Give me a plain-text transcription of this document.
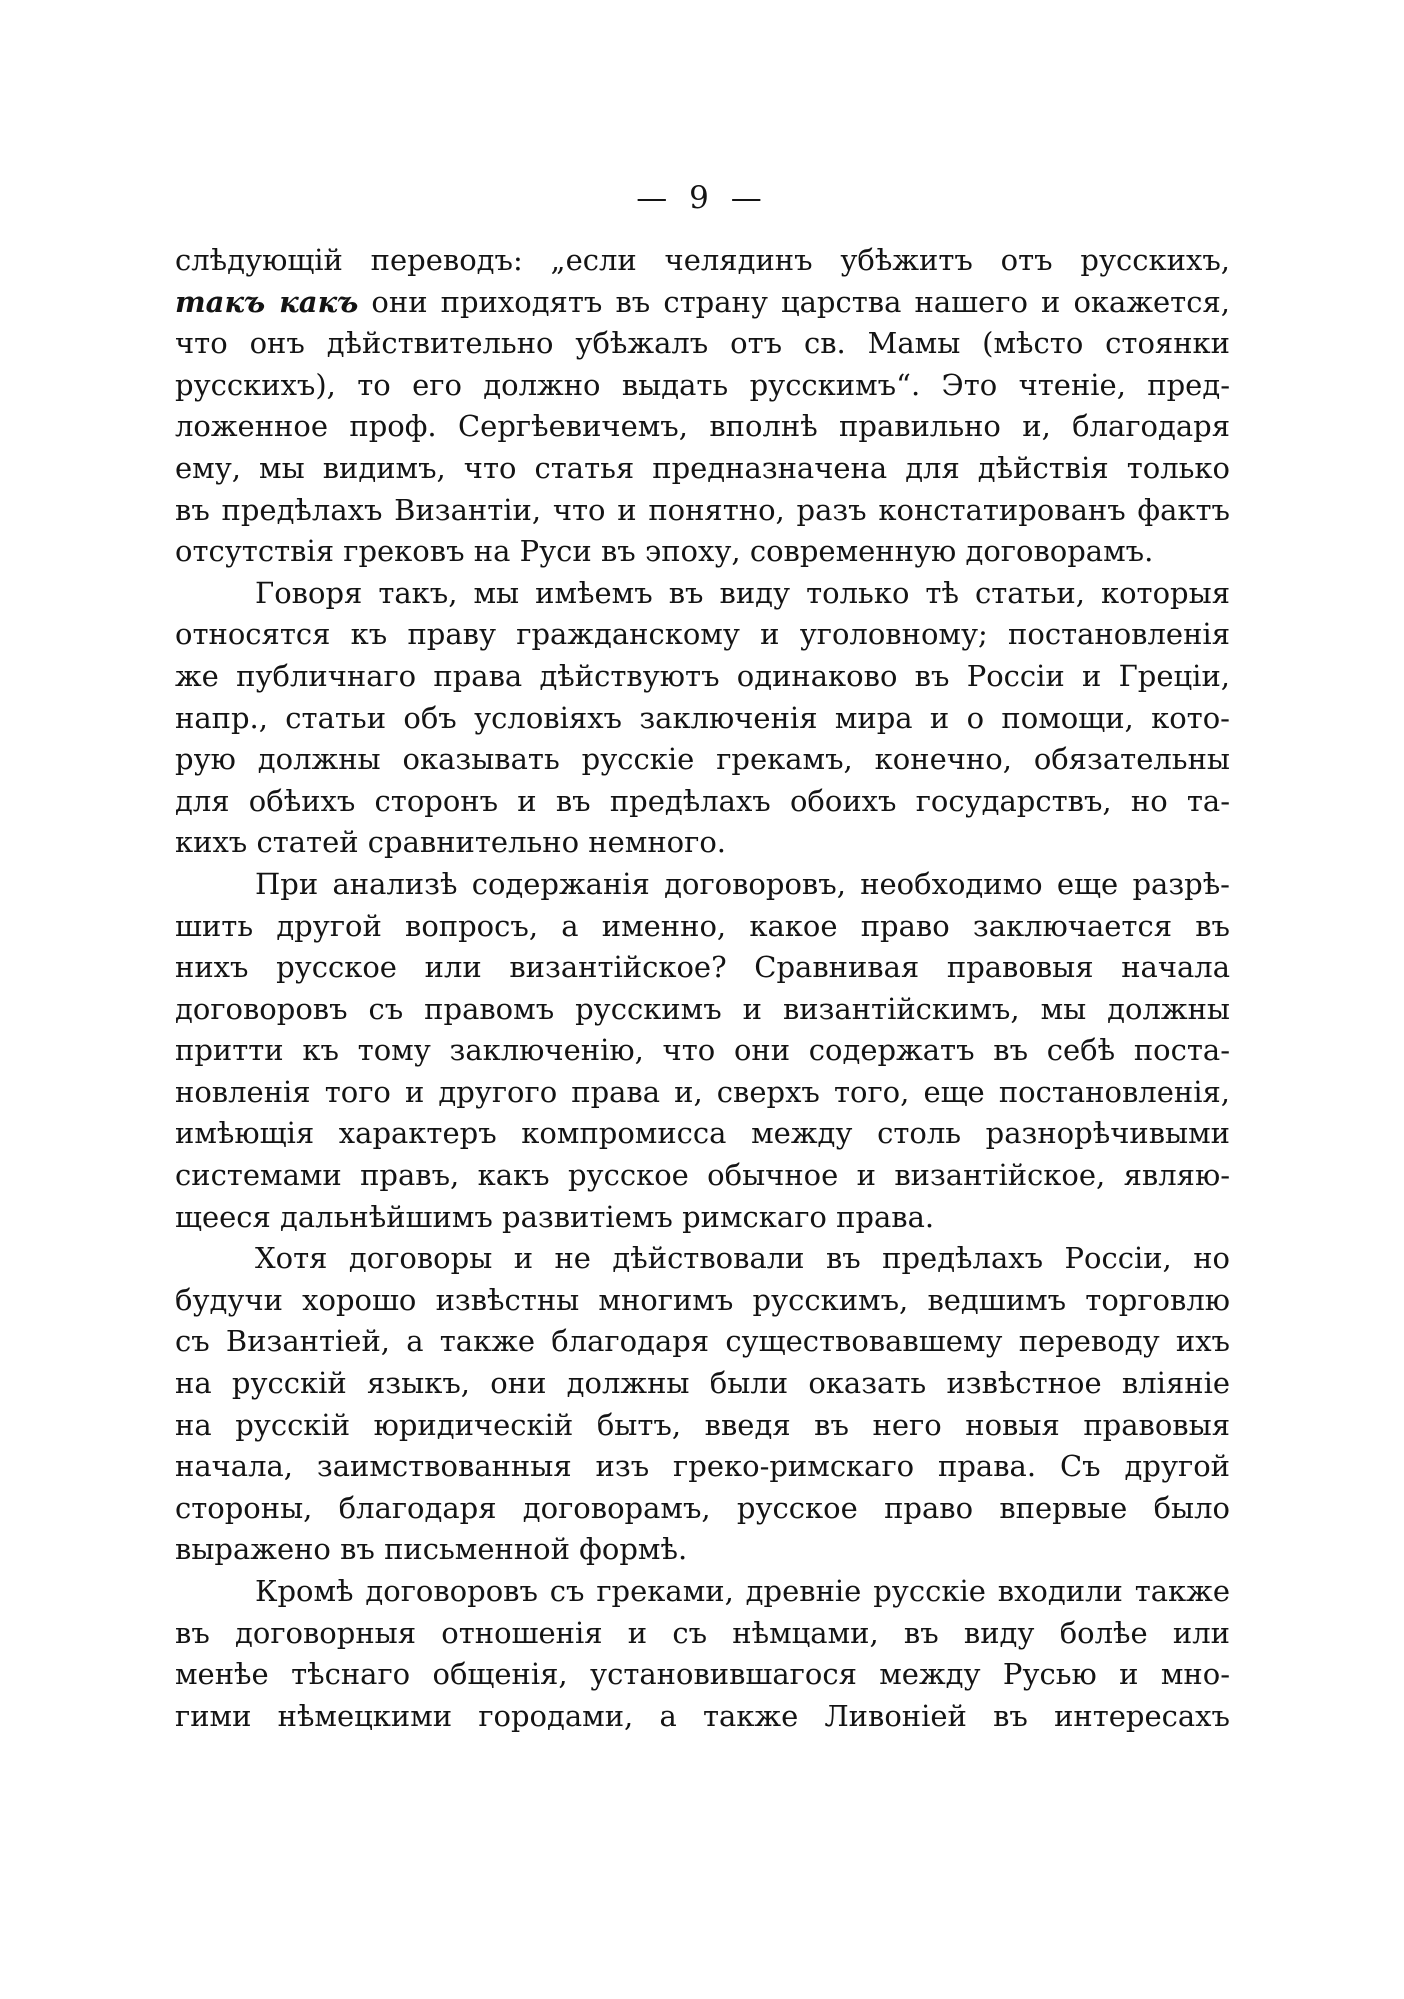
— 9 —

слѣдующій переводъ: „если челядинъ убѣжитъ отъ русскихъ,
такъ какъ они приходятъ въ страну царства нашего и окажется,
что онъ дѣйствительно убѣжалъ отъ св. Мамы (мѣсто стоянки
русскихъ), то его должно выдать русскимъ“. Это чтеніе, пред-
ложенное проф. Сергѣевичемъ, вполнѣ правильно и, благодаря
ему, мы видимъ, что статья предназначена для дѣйствія только
въ предѣлахъ Византіи, что и понятно, разъ констатированъ фактъ
отсутствія грековъ на Руси въ эпоху, современную договорамъ.

Говоря такъ, мы имѣемъ въ виду только тѣ статьи, которыя
относятся къ праву гражданскому и уголовному; постановленія
же публичнаго права дѣйствуютъ одинаково въ Россіи и Греціи,
напр., статьи объ условіяхъ заключенія мира и о помощи, кото-
рую должны оказывать русскіе грекамъ, конечно, обязательны
для обѣихъ сторонъ и въ предѣлахъ обоихъ государствъ, но та-
кихъ статей сравнительно немного.

При анализѣ содержанія договоровъ, необходимо еще разрѣ-
шить другой вопросъ, а именно, какое право заключается въ
нихъ русское или византійское? Сравнивая правовыя начала
договоровъ съ правомъ русскимъ и византійскимъ, мы должны
притти къ тому заключенію, что они содержатъ въ себѣ поста-
новленія того и другого права и, сверхъ того, еще постановленія,
имѣющія характеръ компромисса между столь разнорѣчивыми
системами правъ, какъ русское обычное и византійское, являю-
щееся дальнѣйшимъ развитіемъ римскаго права.

Хотя договоры и не дѣйствовали въ предѣлахъ Россіи, но
будучи хорошо извѣстны многимъ русскимъ, ведшимъ торговлю
съ Византіей, а также благодаря существовавшему переводу ихъ
на русскій языкъ, они должны были оказать извѣстное вліяніе
на русскій юридическій бытъ, введя въ него новыя правовыя
начала, заимствованныя изъ греко-римскаго права. Съ другой
стороны, благодаря договорамъ, русское право впервые было
выражено въ письменной формѣ.

Кромѣ договоровъ съ греками, древніе русскіе входили также
въ договорныя отношенія и съ нѣмцами, въ виду болѣе или
менѣе тѣснаго общенія, установившагося между Русью и мно-
гими нѣмецкими городами, а также Ливоніей въ интересахъ
